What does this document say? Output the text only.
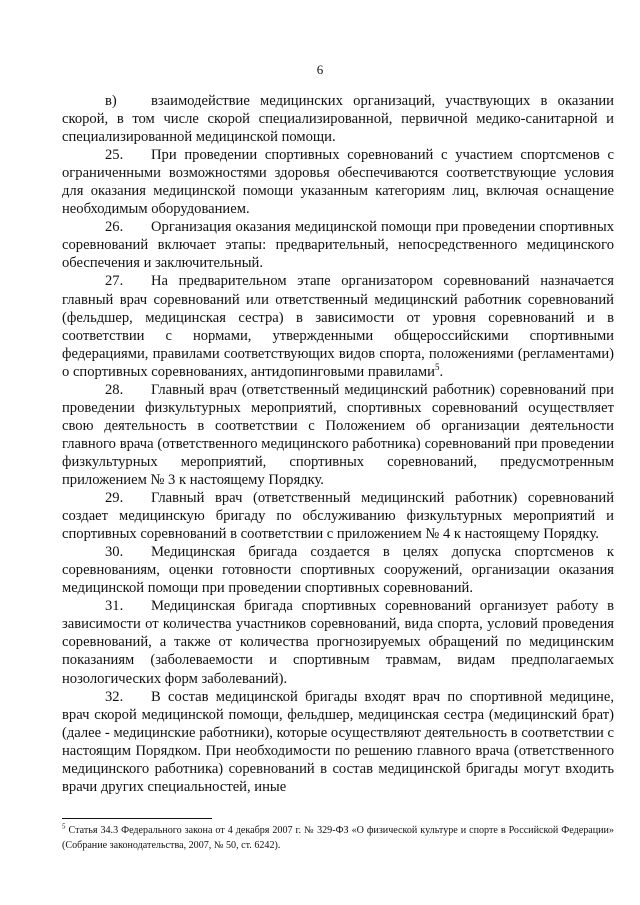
6

в) взаимодействие медицинских организаций, участвующих в оказании скорой, в том числе скорой специализированной, первичной медико-санитарной и специализированной медицинской помощи.

25. При проведении спортивных соревнований с участием спортсменов с ограниченными возможностями здоровья обеспечиваются соответствующие условия для оказания медицинской помощи указанным категориям лиц, включая оснащение необходимым оборудованием.

26. Организация оказания медицинской помощи при проведении спортивных соревнований включает этапы: предварительный, непосредственного медицинского обеспечения и заключительный.

27. На предварительном этапе организатором соревнований назначается главный врач соревнований или ответственный медицинский работник соревнований (фельдшер, медицинская сестра) в зависимости от уровня соревнований и в соответствии с нормами, утвержденными общероссийскими спортивными федерациями, правилами соответствующих видов спорта, положениями (регламентами) о спортивных соревнованиях, антидопинговыми правилами$^5$.

28. Главный врач (ответственный медицинский работник) соревнований при проведении физкультурных мероприятий, спортивных соревнований осуществляет свою деятельность в соответствии с Положением об организации деятельности главного врача (ответственного медицинского работника) соревнований при проведении физкультурных мероприятий, спортивных соревнований, предусмотренным приложением № 3 к настоящему Порядку.

29. Главный врач (ответственный медицинский работник) соревнований создает медицинскую бригаду по обслуживанию физкультурных мероприятий и спортивных соревнований в соответствии с приложением № 4 к настоящему Порядку.

30. Медицинская бригада создается в целях допуска спортсменов к соревнованиям, оценки готовности спортивных сооружений, организации оказания медицинской помощи при проведении спортивных соревнований.

31. Медицинская бригада спортивных соревнований организует работу в зависимости от количества участников соревнований, вида спорта, условий проведения соревнований, а также от количества прогнозируемых обращений по медицинским показаниям (заболеваемости и спортивным травмам, видам предполагаемых нозологических форм заболеваний).

32. В состав медицинской бригады входят врач по спортивной медицине, врач скорой медицинской помощи, фельдшер, медицинская сестра (медицинский брат) (далее - медицинские работники), которые осуществляют деятельность в соответствии с настоящим Порядком. При необходимости по решению главного врача (ответственного медицинского работника) соревнований в состав медицинской бригады могут входить врачи других специальностей, иные

$^5$ Статья 34.3 Федерального закона от 4 декабря 2007 г. № 329-ФЗ «О физической культуре и спорте в Российской Федерации» (Собрание законодательства, 2007, № 50, ст. 6242).
